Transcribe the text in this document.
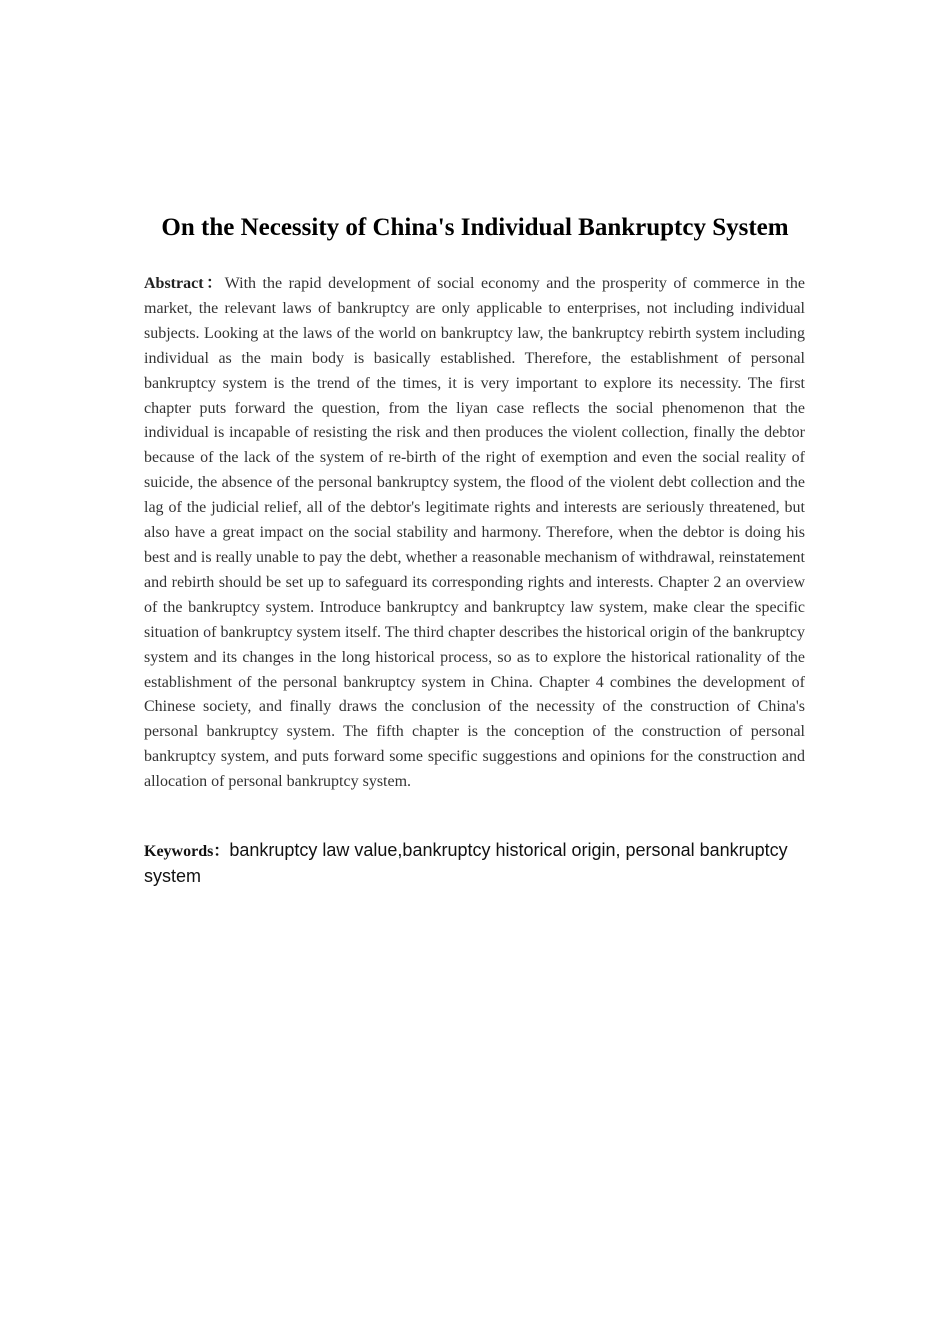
On the Necessity of China's Individual Bankruptcy System

Abstract：With the rapid development of social economy and the prosperity of commerce in the market, the relevant laws of bankruptcy are only applicable to enterprises, not including individual subjects. Looking at the laws of the world on bankruptcy law, the bankruptcy rebirth system including individual as the main body is basically established. Therefore, the establishment of personal bankruptcy system is the trend of the times, it is very important to explore its necessity. The first chapter puts forward the question, from the liyan case reflects the social phenomenon that the individual is incapable of resisting the risk and then produces the violent collection, finally the debtor because of the lack of the system of re-birth of the right of exemption and even the social reality of suicide, the absence of the personal bankruptcy system, the flood of the violent debt collection and the lag of the judicial relief, all of the debtor's legitimate rights and interests are seriously threatened, but also have a great impact on the social stability and harmony. Therefore, when the debtor is doing his best and is really unable to pay the debt, whether a reasonable mechanism of withdrawal, reinstatement and rebirth should be set up to safeguard its corresponding rights and interests. Chapter 2 an overview of the bankruptcy system. Introduce bankruptcy and bankruptcy law system, make clear the specific situation of bankruptcy system itself. The third chapter describes the historical origin of the bankruptcy system and its changes in the long historical process, so as to explore the historical rationality of the establishment of the personal bankruptcy system in China. Chapter 4 combines the development of Chinese society, and finally draws the conclusion of the necessity of the construction of China's personal bankruptcy system. The fifth chapter is the conception of the construction of personal bankruptcy system, and puts forward some specific suggestions and opinions for the construction and allocation of personal bankruptcy system.

Keywords：bankruptcy law value,bankruptcy historical origin, personal bankruptcy system
